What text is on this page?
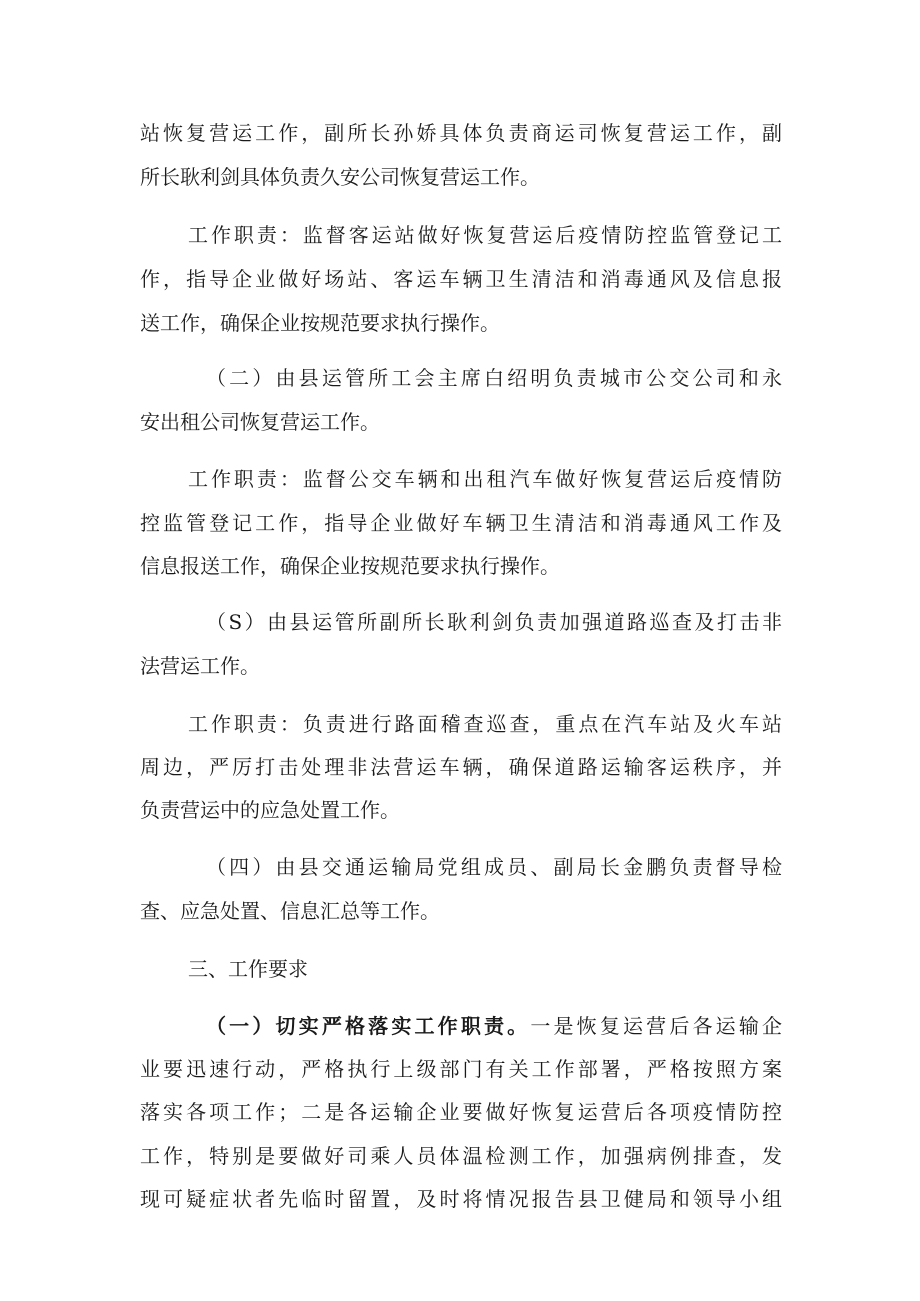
站恢复营运工作，副所长孙娇具体负责商运司恢复营运工作，副
所长耿利剑具体负责久安公司恢复营运工作。
工作职责：监督客运站做好恢复营运后疫情防控监管登记工
作，指导企业做好场站、客运车辆卫生清洁和消毒通风及信息报
送工作，确保企业按规范要求执行操作。
（二）由县运管所工会主席白绍明负责城市公交公司和永
安出租公司恢复营运工作。
工作职责：监督公交车辆和出租汽车做好恢复营运后疫情防
控监管登记工作，指导企业做好车辆卫生清洁和消毒通风工作及
信息报送工作，确保企业按规范要求执行操作。
（S）由县运管所副所长耿利剑负责加强道路巡查及打击非
法营运工作。
工作职责：负责进行路面稽查巡查，重点在汽车站及火车站
周边，严厉打击处理非法营运车辆，确保道路运输客运秩序，并
负责营运中的应急处置工作。
（四）由县交通运输局党组成员、副局长金鹏负责督导检
查、应急处置、信息汇总等工作。
三、工作要求
（一）切实严格落实工作职责。一是恢复运营后各运输企
业要迅速行动，严格执行上级部门有关工作部署，严格按照方案
落实各项工作；二是各运输企业要做好恢复运营后各项疫情防控
工作，特别是要做好司乘人员体温检测工作，加强病例排查，发
现可疑症状者先临时留置，及时将情况报告县卫健局和领导小组
